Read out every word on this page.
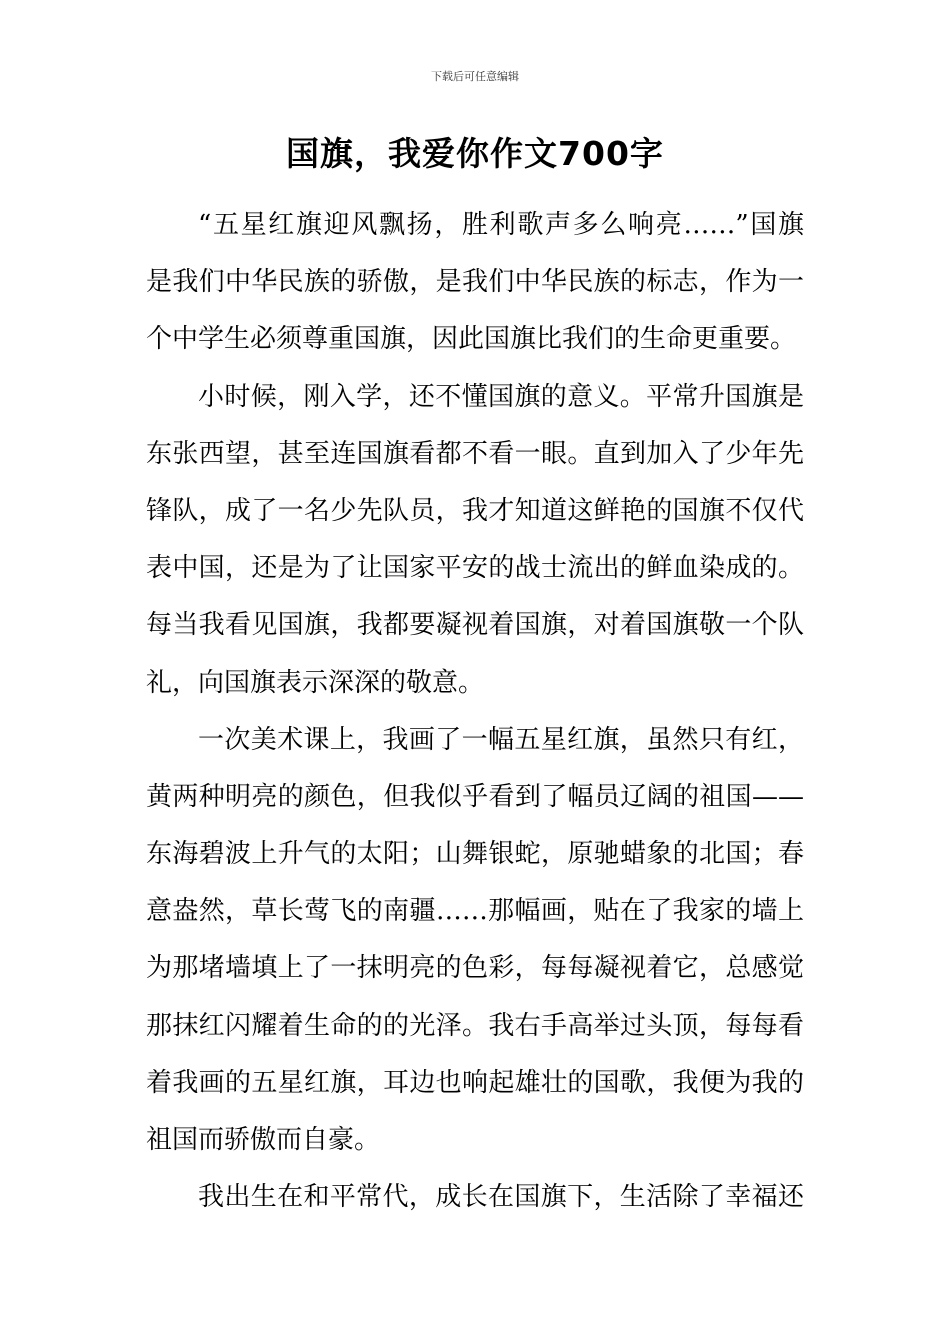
下载后可任意编辑
国旗，我爱你作文700字
“五星红旗迎风飘扬，胜利歌声多么响亮……”国旗
是我们中华民族的骄傲，是我们中华民族的标志，作为一
个中学生必须尊重国旗，因此国旗比我们的生命更重要。
小时候，刚入学，还不懂国旗的意义。平常升国旗是
东张西望，甚至连国旗看都不看一眼。直到加入了少年先
锋队，成了一名少先队员，我才知道这鲜艳的国旗不仅代
表中国，还是为了让国家平安的战士流出的鲜血染成的。
每当我看见国旗，我都要凝视着国旗，对着国旗敬一个队
礼，向国旗表示深深的敬意。
一次美术课上，我画了一幅五星红旗，虽然只有红，
黄两种明亮的颜色，但我似乎看到了幅员辽阔的祖国——
东海碧波上升气的太阳；山舞银蛇，原驰蜡象的北国；春
意盎然，草长莺飞的南疆……那幅画，贴在了我家的墙上
为那堵墙填上了一抹明亮的色彩，每每凝视着它，总感觉
那抹红闪耀着生命的的光泽。我右手高举过头顶，每每看
着我画的五星红旗，耳边也响起雄壮的国歌，我便为我的
祖国而骄傲而自豪。
我出生在和平常代，成长在国旗下，生活除了幸福还
